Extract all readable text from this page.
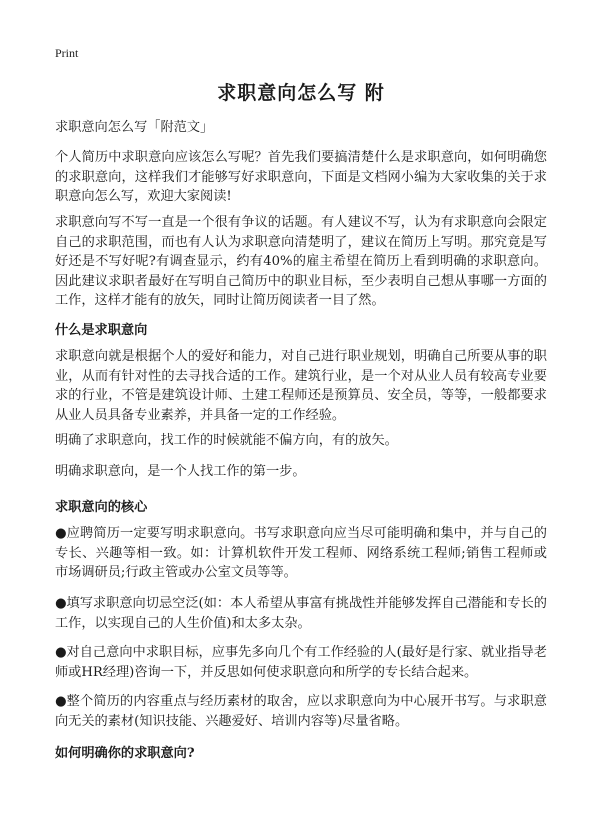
Print
求职意向怎么写 附

求职意向怎么写「附范文」

个人简历中求职意向应该怎么写呢？首先我们要搞清楚什么是求职意向，如何明确您的求职意向，这样我们才能够写好求职意向，下面是文档网小编为大家收集的关于求职意向怎么写，欢迎大家阅读!

求职意向写不写一直是一个很有争议的话题。有人建议不写，认为有求职意向会限定自己的求职范围，而也有人认为求职意向清楚明了，建议在简历上写明。那究竟是写好还是不写好呢?有调查显示，约有40%的雇主希望在简历上看到明确的求职意向。因此建议求职者最好在写明自己简历中的职业目标，至少表明自己想从事哪一方面的工作，这样才能有的放矢，同时让简历阅读者一目了然。

什么是求职意向

求职意向就是根据个人的爱好和能力，对自己进行职业规划，明确自己所要从事的职业，从而有针对性的去寻找合适的工作。建筑行业，是一个对从业人员有较高专业要求的行业，不管是建筑设计师、土建工程师还是预算员、安全员，等等，一般都要求从业人员具备专业素养，并具备一定的工作经验。

明确了求职意向，找工作的时候就能不偏方向，有的放矢。

明确求职意向，是一个人找工作的第一步。

求职意向的核心

●应聘简历一定要写明求职意向。书写求职意向应当尽可能明确和集中，并与自己的专长、兴趣等相一致。如：计算机软件开发工程师、网络系统工程师;销售工程师或市场调研员;行政主管或办公室文员等等。

●填写求职意向切忌空泛(如：本人希望从事富有挑战性并能够发挥自己潜能和专长的工作，以实现自己的人生价值)和太多太杂。

●对自己意向中求职目标，应事先多向几个有工作经验的人(最好是行家、就业指导老师或HR经理)咨询一下，并反思如何使求职意向和所学的专长结合起来。

●整个简历的内容重点与经历素材的取舍，应以求职意向为中心展开书写。与求职意向无关的素材(知识技能、兴趣爱好、培训内容等)尽量省略。

如何明确你的求职意向?
